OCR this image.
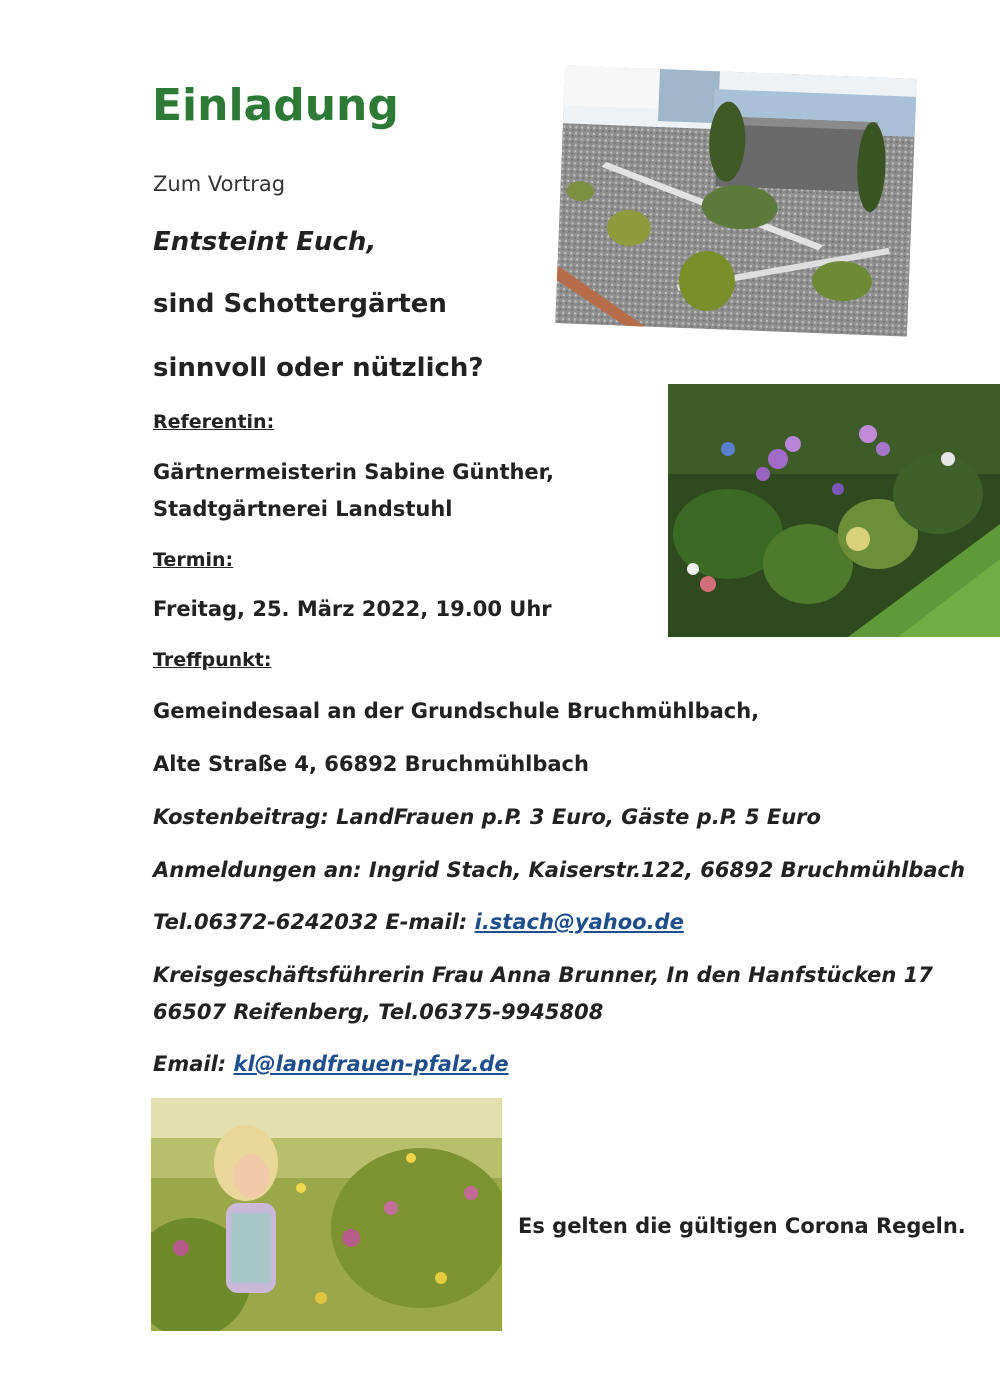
Einladung
Zum Vortrag
Entsteint Euch,
sind Schottergärten
sinnvoll oder nützlich?
Referentin:
Gärtnermeisterin Sabine Günther,
Stadtgärtnerei Landstuhl
Termin:
Freitag, 25. März 2022, 19.00 Uhr
Treffpunkt:
Gemeindesaal an der Grundschule Bruchmühlbach,
Alte Straße 4, 66892 Bruchmühlbach
Kostenbeitrag: LandFrauen p.P. 3 Euro, Gäste p.P. 5 Euro
Anmeldungen an: Ingrid Stach, Kaiserstr.122, 66892 Bruchmühlbach
Tel.06372-6242032 E-mail: i.stach@yahoo.de
Kreisgeschäftsführerin Frau Anna Brunner, In den Hanfstücken 17
66507 Reifenberg, Tel.06375-9945808
Email: kl@landfrauen-pfalz.de
Es gelten die gültigen Corona Regeln.
